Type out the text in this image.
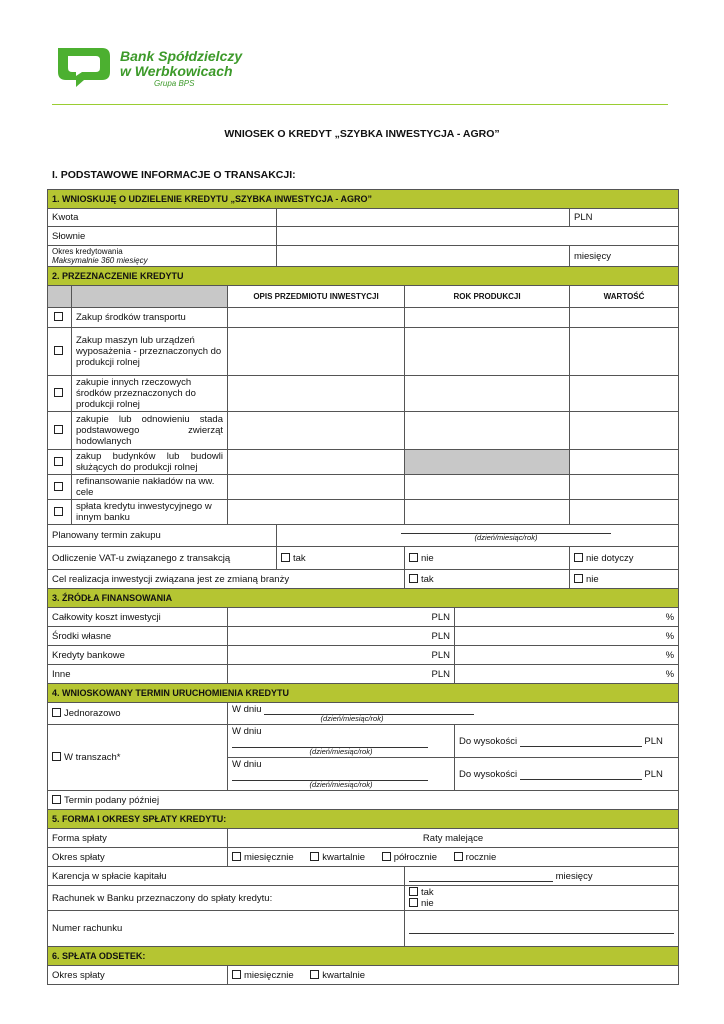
Bank Spółdzielczy
w Werbkowicach
Grupa BPS
WNIOSEK O KREDYT „SZYBKA INWESTYCJA - AGRO”
I. PODSTAWOWE INFORMACJE O TRANSAKCJI:
1. WNIOSKUJĘ O UDZIELENIE KREDYTU „SZYBKA INWESTYCJA - AGRO”						
Kwota						PLN
Słownie						

Okres kredytowania
Maksymalnie 360 miesięcy						miesięcy
2. PRZEZNACZENIE KREDYTU						
		OPIS PRZEDMIOTU INWESTYCJI		ROK PRODUKCJI		WARTOŚĆ
	Zakup środków transportu					
	Zakup maszyn lub urządzeń wyposażenia - przeznaczonych do produkcji rolnej					
	zakupie innych rzeczowych środków przeznaczonych do produkcji rolnej					
	zakupie lub odnowieniu stada podstawowego zwierząt hodowlanych					
	zakup budynków lub budowli służących do produkcji rolnej					
	refinansowanie nakładów na ww. cele					
	spłata kredytu inwestycyjnego w innym banku					
Planowany termin zakupu			(dzień/miesiąc/rok)			

Odliczenie VAT-u związanego z transakcją			tak	nie		nie dotyczy
Cel realizacja inwestycji związana jest ze zmianą branży				tak		nie
3. ŹRÓDŁA FINANSOWANIA						
Całkowity koszt inwestycji		PLN			%	
Środki własne		PLN			%	
Kredyty bankowe		PLN			%	
Inne		PLN			%	
4. WNIOSKOWANY TERMIN URUCHOMIENIA KREDYTU						
Jednorazowo		W dniu
(dzień/miesiąc/rok)				

W transzach*		W dniu
(dzień/miesiąc/rok)			Do wysokości PLN	

		W dniu
(dzień/miesiąc/rok)			Do wysokości PLN	
Termin podany później						
5. FORMA I OKRESY SPŁATY KREDYTU:						
Forma spłaty		Raty malejące				
Okres spłaty		miesięcznie kwartalnie półrocznie rocznie				
Karencja w spłacie kapitału				miesięcy		
Rachunek w Banku przeznaczony do spłaty kredytu:				tak
nie		

Numer rachunku						

6. SPŁATA ODSETEK:						
Okres spłaty		miesięcznie kwartalnie				
